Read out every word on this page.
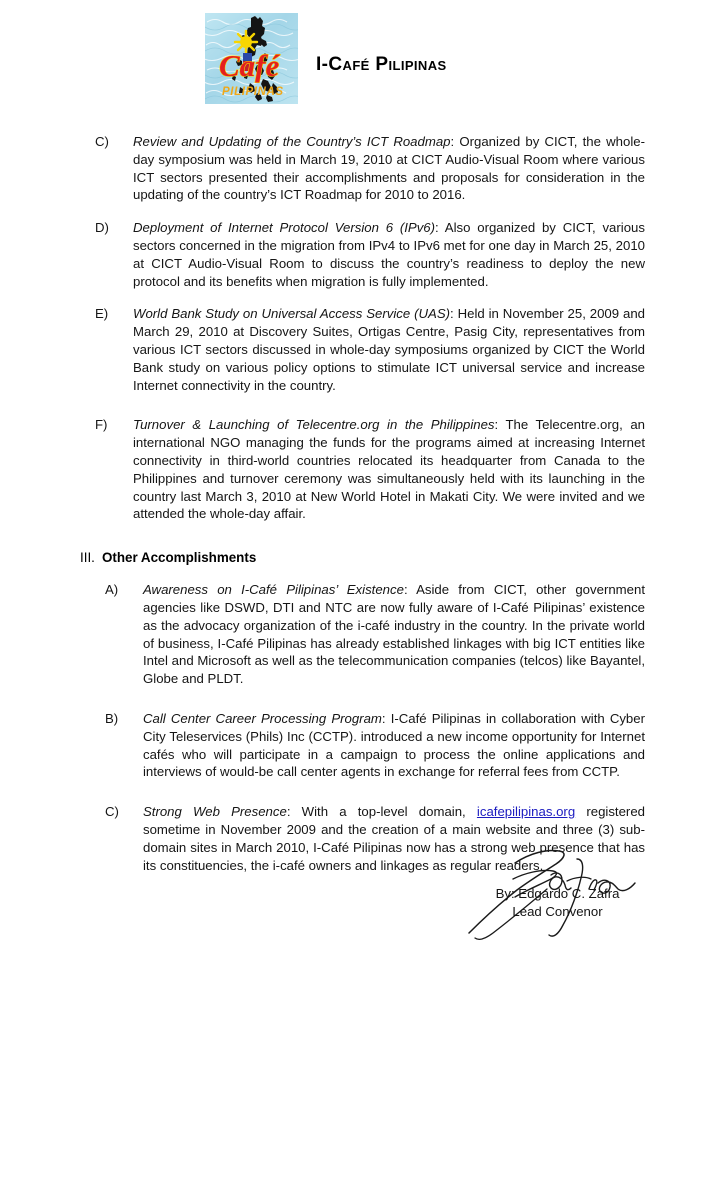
Café
PILIPINAS
I-Café Pilipinas

C)	Review and Updating of the Country’s ICT Roadmap: Organized by CICT, the whole-day symposium was held in March 19, 2010 at CICT Audio-Visual Room where various ICT sectors presented their accomplishments and proposals for consideration in the updating of the country’s ICT Roadmap for 2010 to 2016.

D)	Deployment of Internet Protocol Version 6 (IPv6): Also organized by CICT, various sectors concerned in the migration from IPv4 to IPv6 met for one day in March 25, 2010 at CICT Audio-Visual Room to discuss the country’s readiness to deploy the new protocol and its benefits when migration is fully implemented.

E)	World Bank Study on Universal Access Service (UAS): Held in November 25, 2009 and March 29, 2010 at Discovery Suites, Ortigas Centre, Pasig City, representatives from various ICT sectors discussed in whole-day symposiums organized by CICT the World Bank study on various policy options to stimulate ICT universal service and increase Internet connectivity in the country.

F)	Turnover & Launching of Telecentre.org in the Philippines: The Telecentre.org, an international NGO managing the funds for the programs aimed at increasing Internet connectivity in third-world countries relocated its headquarter from Canada to the Philippines and turnover ceremony was simultaneously held with its launching in the country last March 3, 2010 at New World Hotel in Makati City. We were invited and we attended the whole-day affair.

III. Other Accomplishments

A)	Awareness on I-Café Pilipinas’ Existence: Aside from CICT, other government agencies like DSWD, DTI and NTC are now fully aware of I-Café Pilipinas’ existence as the advocacy organization of the i-café industry in the country. In the private world of business, I-Café Pilipinas has already established linkages with big ICT entities like Intel and Microsoft as well as the telecommunication companies (telcos) like Bayantel, Globe and PLDT.

B)	Call Center Career Processing Program: I-Café Pilipinas in collaboration with Cyber City Teleservices (Phils) Inc (CCTP). introduced a new income opportunity for Internet cafés who will participate in a campaign to process the online applications and interviews of would-be call center agents in exchange for referral fees from CCTP.

C)	Strong Web Presence: With a top-level domain, icafepilipinas.org registered sometime in November 2009 and the creation of a main website and three (3) sub-domain sites in March 2010, I-Café Pilipinas now has a strong web presence that has its constituencies, the i-café owners and linkages as regular readers.

By: Edgardo C. Zafra
Lead Convenor
